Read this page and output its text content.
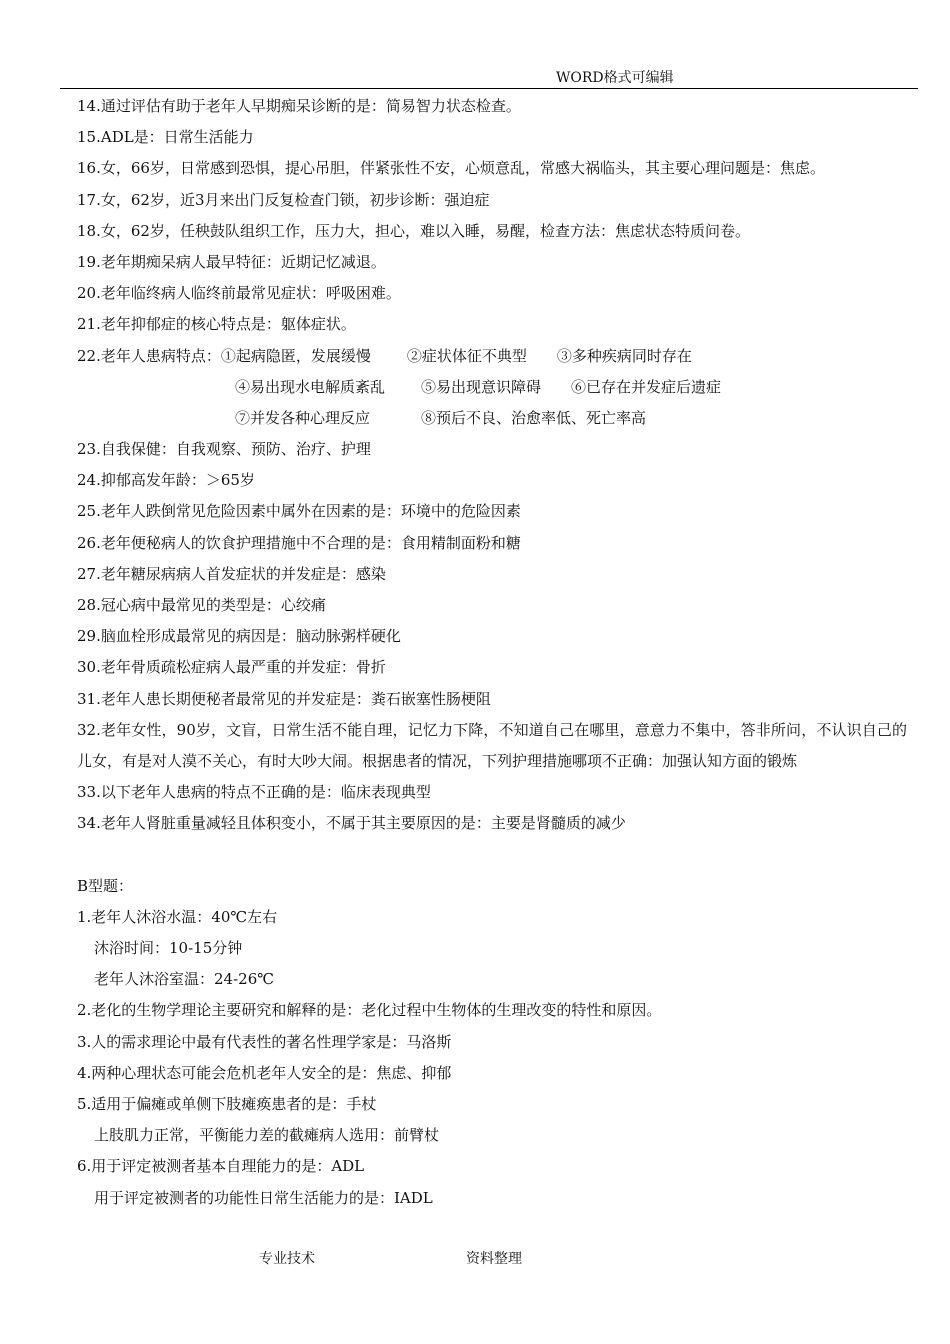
WORD格式可编辑
14.通过评估有助于老年人早期痴呆诊断的是：简易智力状态检查。
15.ADL是：日常生活能力
16.女，66岁，日常感到恐惧，提心吊胆，伴紧张性不安，心烦意乱，常感大祸临头，其主要心理问题是：焦虑。
17.女，62岁，近3月来出门反复检查门锁，初步诊断：强迫症
18.女，62岁，任秧鼓队组织工作，压力大，担心，难以入睡，易醒，检查方法：焦虑状态特质问卷。
19.老年期痴呆病人最早特征：近期记忆减退。
20.老年临终病人临终前最常见症状：呼吸困难。
21.老年抑郁症的核心特点是：躯体症状。
22.老年人患病特点：①起病隐匿，发展缓慢 ②症状体征不典型 ③多种疾病同时存在
④易出现水电解质紊乱 ⑤易出现意识障碍 ⑥已存在并发症后遗症
⑦并发各种心理反应	⑧预后不良、治愈率低、死亡率高
23.自我保健：自我观察、预防、治疗、护理
24.抑郁高发年龄：＞65岁
25.老年人跌倒常见危险因素中属外在因素的是：环境中的危险因素
26.老年便秘病人的饮食护理措施中不合理的是：食用精制面粉和糖
27.老年糖尿病病人首发症状的并发症是：感染
28.冠心病中最常见的类型是：心绞痛
29.脑血栓形成最常见的病因是：脑动脉粥样硬化
30.老年骨质疏松症病人最严重的并发症：骨折
31.老年人患长期便秘者最常见的并发症是：粪石嵌塞性肠梗阻
32.老年女性，90岁，文盲，日常生活不能自理，记忆力下降，不知道自己在哪里，意意力不集中，答非所问，不认识自己的儿女，有是对人漠不关心，有时大吵大闹。根据患者的情况，下列护理措施哪项不正确：加强认知方面的锻炼
33.以下老年人患病的特点不正确的是：临床表现典型
34.老年人肾脏重量减轻且体积变小，不属于其主要原因的是：主要是肾髓质的减少
B型题：
1.老年人沐浴水温：40℃左右
沐浴时间：10-15分钟
老年人沐浴室温：24-26℃
2.老化的生物学理论主要研究和解释的是：老化过程中生物体的生理改变的特性和原因。
3.人的需求理论中最有代表性的著名性理学家是：马洛斯
4.两种心理状态可能会危机老年人安全的是：焦虑、抑郁
5.适用于偏瘫或单侧下肢瘫痪患者的是：手杖
上肢肌力正常，平衡能力差的截瘫病人选用：前臂杖
6.用于评定被测者基本自理能力的是：ADL
用于评定被测者的功能性日常生活能力的是：IADL
专业技术	资料整理
